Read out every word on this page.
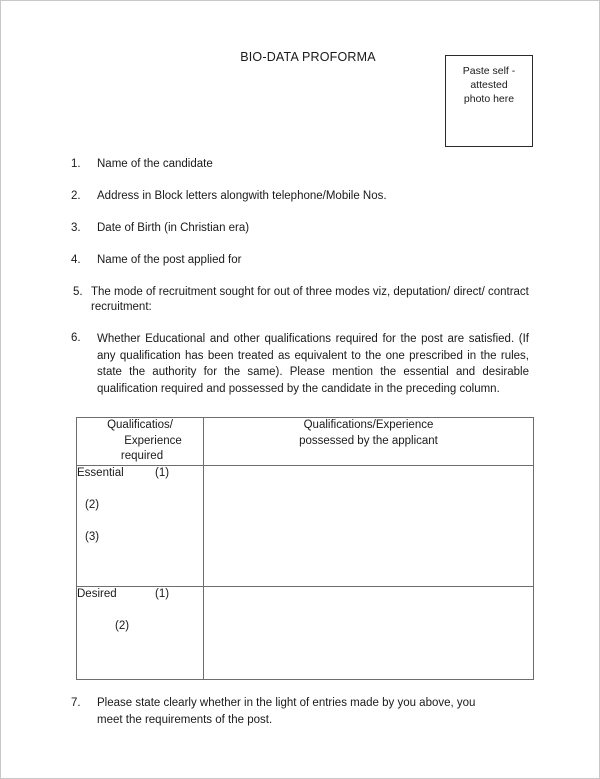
BIO-DATA PROFORMA
Paste self -
attested
photo here
1.	Name of the candidate
2.	Address in Block letters alongwith telephone/Mobile Nos.
3.	Date of Birth (in Christian era)
4.	Name of the post applied for
5. The mode of recruitment sought for out of three modes viz, deputation/ direct/ contract recruitment:
6.	Whether Educational and other qualifications required for the post are satisfied. (If any qualification has been treated as equivalent to the one prescribed in the rules, state the authority for the same). Please mention the essential and desirable qualification required and possessed by the candidate in the preceding column.
Qualificatios/
Experience
required	Qualifications/Experience
possessed by the applicant

Essential (1)
(2)
(3)	

Desired (1)
(2)	

7.	Please state clearly whether in the light of entries made by you above, you
meet the requirements of the post.
